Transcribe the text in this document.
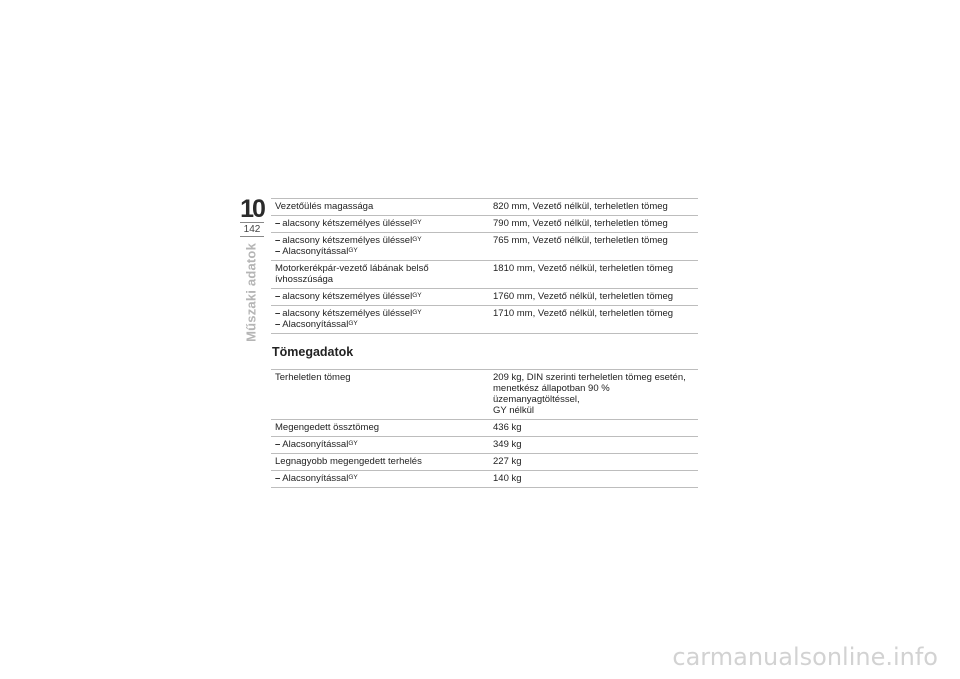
10
142
Műszaki adatok
Vezetőülés magassága	820 mm, Vezető nélkül, terheletlen tömeg

– alacsony kétszemélyes üléssel$^{GY}$	790 mm, Vezető nélkül, terheletlen tömeg

– alacsony kétszemélyes üléssel$^{GY}$
– Alacsonyítással$^{GY}$	765 mm, Vezető nélkül, terheletlen tömeg

Motorkerékpár-vezető lábának belső ívhosszúsága	1810 mm, Vezető nélkül, terheletlen tömeg

– alacsony kétszemélyes üléssel$^{GY}$	1760 mm, Vezető nélkül, terheletlen tömeg

– alacsony kétszemélyes üléssel$^{GY}$
– Alacsonyítással$^{GY}$	1710 mm, Vezető nélkül, terheletlen tömeg
Tömegadatok
Terheletlen tömeg	209 kg, DIN szerinti terheletlen tömeg esetén,
menetkész állapotban 90 % üzemanyagtöltéssel,
GY nélkül

Megengedett össztömeg	436 kg

– Alacsonyítással$^{GY}$	349 kg

Legnagyobb megengedett terhelés	227 kg

– Alacsonyítással$^{GY}$	140 kg
carmanualsonline.info
